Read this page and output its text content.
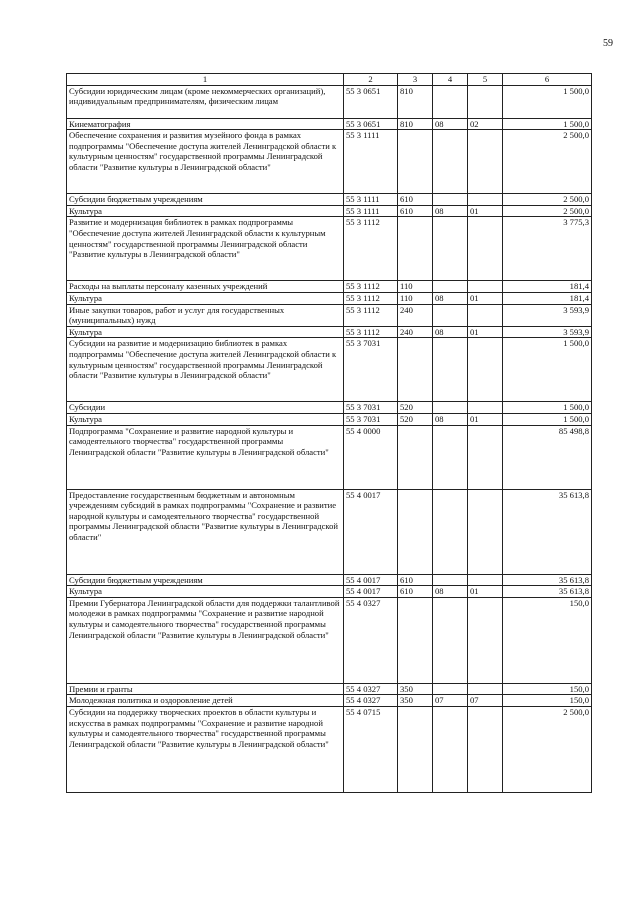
59
1	2	3	4	5	6
Субсидии юридическим лицам (кроме некоммерческих организаций), индивидуальным предпринимателям, физическим лицам	55 3 0651	810			1 500,0
Кинематография	55 3 0651	810	08	02	1 500,0
Обеспечение сохранения и развития музейного фонда в рамках подпрограммы "Обеспечение доступа жителей Ленинградской области к культурным ценностям" государственной программы Ленинградской области "Развитие культуры в Ленинградской области"	55 3 1111				2 500,0
Субсидии бюджетным учреждениям	55 3 1111	610			2 500,0
Культура	55 3 1111	610	08	01	2 500,0
Развитие и модернизация библиотек в рамках подпрограммы "Обеспечение доступа жителей Ленинградской области к культурным ценностям" государственной программы Ленинградской области "Развитие культуры в Ленинградской области"	55 3 1112				3 775,3
Расходы на выплаты персоналу казенных учреждений	55 3 1112	110			181,4
Культура	55 3 1112	110	08	01	181,4
Иные закупки товаров, работ и услуг для государственных (муниципальных) нужд	55 3 1112	240			3 593,9
Культура	55 3 1112	240	08	01	3 593,9
Субсидии на развитие и модернизацию библиотек в рамках подпрограммы "Обеспечение доступа жителей Ленинградской области к культурным ценностям" государственной программы Ленинградской области "Развитие культуры в Ленинградской области"	55 3 7031				1 500,0
Субсидии	55 3 7031	520			1 500,0
Культура	55 3 7031	520	08	01	1 500,0
Подпрограмма "Сохранение и развитие народной культуры и самодеятельного творчества" государственной программы Ленинградской области "Развитие культуры в Ленинградской области"	55 4 0000				85 498,8
Предоставление государственным бюджетным и автономным учреждениям субсидий в рамках подпрограммы "Сохранение и развитие народной культуры и самодеятельного творчества" государственной программы Ленинградской области "Развитие культуры в Ленинградской области"	55 4 0017				35 613,8
Субсидии бюджетным учреждениям	55 4 0017	610			35 613,8
Культура	55 4 0017	610	08	01	35 613,8
Премии Губернатора Ленинградской области для поддержки талантливой молодежи в рамках подпрограммы "Сохранение и развитие народной культуры и самодеятельного творчества" государственной программы Ленинградской области "Развитие культуры в Ленинградской области"	55 4 0327				150,0
Премии и гранты	55 4 0327	350			150,0
Молодежная политика и оздоровление детей	55 4 0327	350	07	07	150,0
Субсидии на поддержку творческих проектов в области культуры и искусства в рамках подпрограммы "Сохранение и развитие народной культуры и самодеятельного творчества" государственной программы Ленинградской области "Развитие культуры в Ленинградской области"	55 4 0715				2 500,0
